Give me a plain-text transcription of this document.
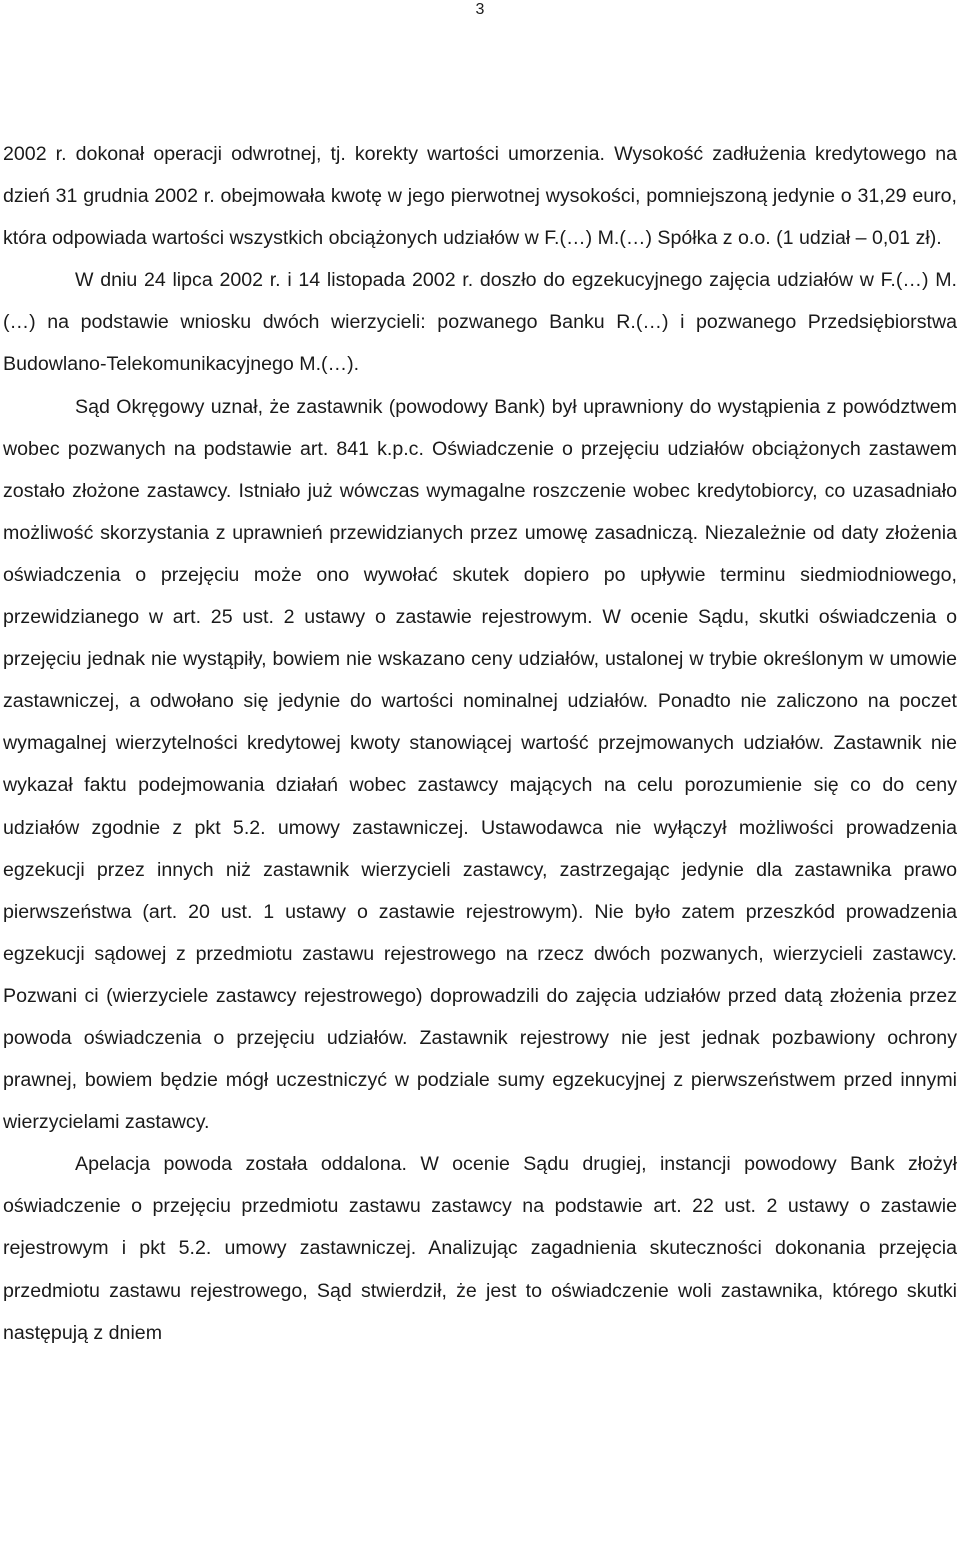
3

2002 r. dokonał operacji odwrotnej, tj. korekty wartości umorzenia. Wysokość zadłużenia kredytowego na dzień 31 grudnia 2002 r. obejmowała kwotę w jego pierwotnej wysokości, pomniejszoną jedynie o 31,29 euro, która odpowiada wartości wszystkich obciążonych udziałów w F.(…) M.(…) Spółka z o.o. (1 udział – 0,01 zł).

W dniu 24 lipca 2002 r. i 14 listopada 2002 r. doszło do egzekucyjnego zajęcia udziałów w F.(…) M.(…) na podstawie wniosku dwóch wierzycieli: pozwanego Banku R.(…) i pozwanego Przedsiębiorstwa Budowlano-Telekomunikacyjnego M.(…).

Sąd Okręgowy uznał, że zastawnik (powodowy Bank) był uprawniony do wystąpienia z powództwem wobec pozwanych na podstawie art. 841 k.p.c. Oświadczenie o przejęciu udziałów obciążonych zastawem zostało złożone zastawcy. Istniało już wówczas wymagalne roszczenie wobec kredytobiorcy, co uzasadniało możliwość skorzystania z uprawnień przewidzianych przez umowę zasadniczą. Niezależnie od daty złożenia oświadczenia o przejęciu może ono wywołać skutek dopiero po upływie terminu siedmiodniowego, przewidzianego w art. 25 ust. 2 ustawy o zastawie rejestrowym. W ocenie Sądu, skutki oświadczenia o przejęciu jednak nie wystąpiły, bowiem nie wskazano ceny udziałów, ustalonej w trybie określonym w umowie zastawniczej, a odwołano się jedynie do wartości nominalnej udziałów. Ponadto nie zaliczono na poczet wymagalnej wierzytelności kredytowej kwoty stanowiącej wartość przejmowanych udziałów. Zastawnik nie wykazał faktu podejmowania działań wobec zastawcy mających na celu porozumienie się co do ceny udziałów zgodnie z pkt 5.2. umowy zastawniczej. Ustawodawca nie wyłączył możliwości prowadzenia egzekucji przez innych niż zastawnik wierzycieli zastawcy, zastrzegając jedynie dla zastawnika prawo pierwszeństwa (art. 20 ust. 1 ustawy o zastawie rejestrowym). Nie było zatem przeszkód prowadzenia egzekucji sądowej z przedmiotu zastawu rejestrowego na rzecz dwóch pozwanych, wierzycieli zastawcy. Pozwani ci (wierzyciele zastawcy rejestrowego) doprowadzili do zajęcia udziałów przed datą złożenia przez powoda oświadczenia o przejęciu udziałów. Zastawnik rejestrowy nie jest jednak pozbawiony ochrony prawnej, bowiem będzie mógł uczestniczyć w podziale sumy egzekucyjnej z pierwszeństwem przed innymi wierzycielami zastawcy.

Apelacja powoda została oddalona. W ocenie Sądu drugiej, instancji powodowy Bank złożył oświadczenie o przejęciu przedmiotu zastawu zastawcy na podstawie art. 22 ust. 2 ustawy o zastawie rejestrowym i pkt 5.2. umowy zastawniczej. Analizując zagadnienia skuteczności dokonania przejęcia przedmiotu zastawu rejestrowego, Sąd stwierdził, że jest to oświadczenie woli zastawnika, którego skutki następują z dniem
